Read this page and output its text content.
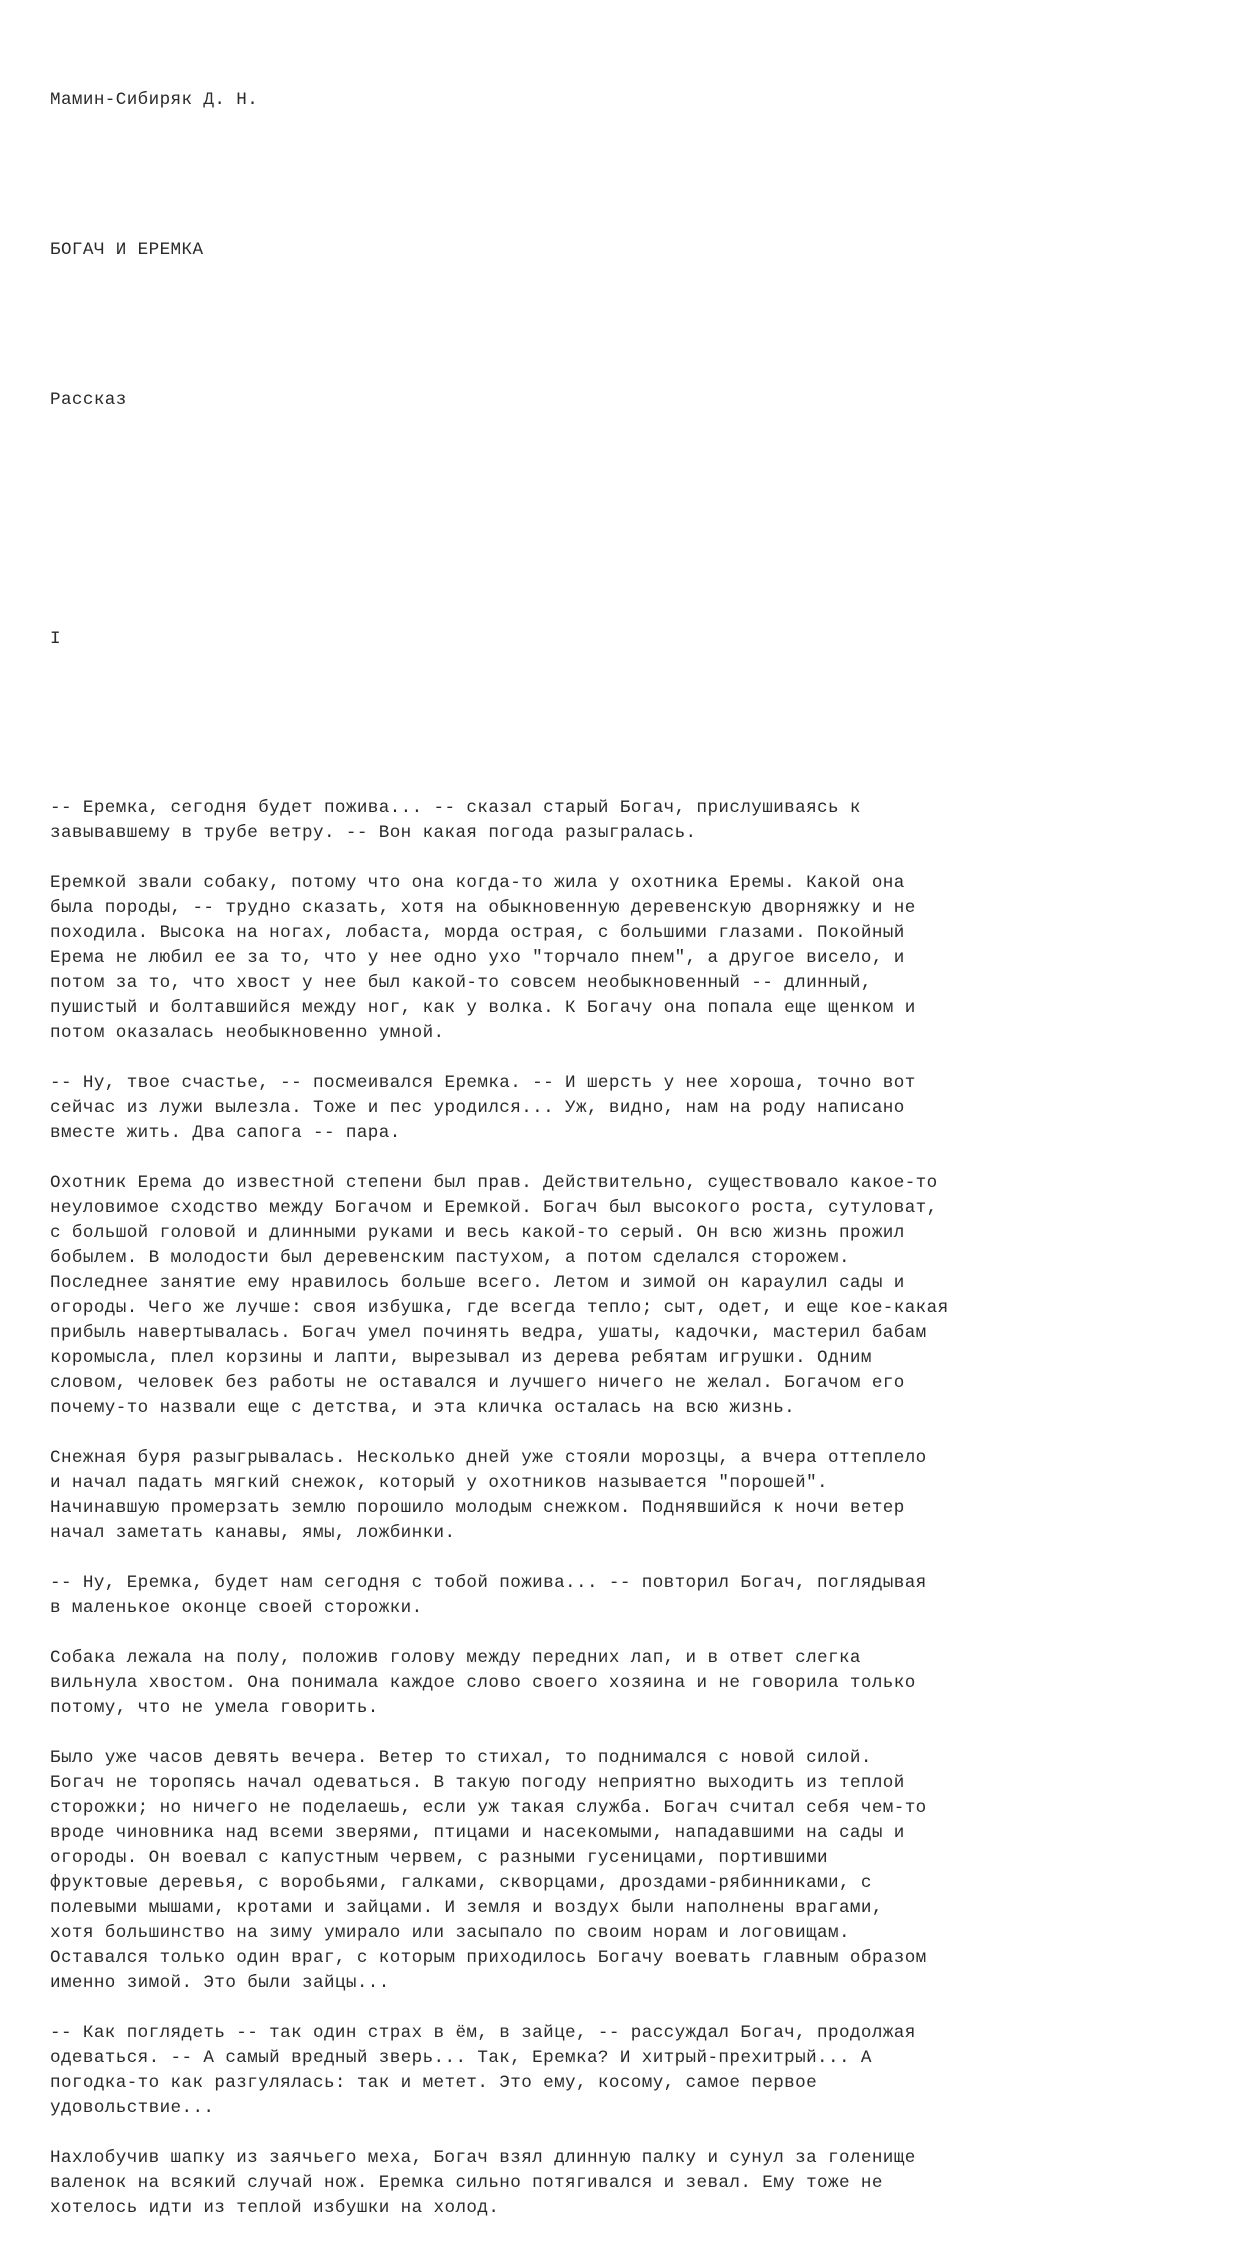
Мамин-Сибиряк Д. Н.

БОГАЧ И ЕРЕМКА

Рассказ

I

-- Еремка, сегодня будет пожива... -- сказал старый Богач, прислушиваясь к
завывавшему в трубе ветру. -- Вон какая погода разыгралась.
Еремкой звали собаку, потому что она когда-то жила у охотника Еремы. Какой она
была породы, -- трудно сказать, хотя на обыкновенную деревенскую дворняжку и не
походила. Высока на ногах, лобаста, морда острая, с большими глазами. Покойный
Ерема не любил ее за то, что у нее одно ухо "торчало пнем", а другое висело, и
потом за то, что хвост у нее был какой-то совсем необыкновенный -- длинный,
пушистый и болтавшийся между ног, как у волка. К Богачу она попала еще щенком и
потом оказалась необыкновенно умной.
-- Ну, твое счастье, -- посмеивался Еремка. -- И шерсть у нее хороша, точно вот
сейчас из лужи вылезла. Тоже и пес уродился... Уж, видно, нам на роду написано
вместе жить. Два сапога -- пара.
Охотник Ерема до известной степени был прав. Действительно, существовало какое-то
неуловимое сходство между Богачом и Еремкой. Богач был высокого роста, сутуловат,
с большой головой и длинными руками и весь какой-то серый. Он всю жизнь прожил
бобылем. В молодости был деревенским пастухом, а потом сделался сторожем.
Последнее занятие ему нравилось больше всего. Летом и зимой он караулил сады и
огороды. Чего же лучше: своя избушка, где всегда тепло; сыт, одет, и еще кое-какая
прибыль навертывалась. Богач умел починять ведра, ушаты, кадочки, мастерил бабам
коромысла, плел корзины и лапти, вырезывал из дерева ребятам игрушки. Одним
словом, человек без работы не оставался и лучшего ничего не желал. Богачом его
почему-то назвали еще с детства, и эта кличка осталась на всю жизнь.
Снежная буря разыгрывалась. Несколько дней уже стояли морозцы, а вчера оттеплело
и начал падать мягкий снежок, который у охотников называется "порошей".
Начинавшую промерзать землю порошило молодым снежком. Поднявшийся к ночи ветер
начал заметать канавы, ямы, ложбинки.
-- Ну, Еремка, будет нам сегодня с тобой пожива... -- повторил Богач, поглядывая
в маленькое оконце своей сторожки.
Собака лежала на полу, положив голову между передних лап, и в ответ слегка
вильнула хвостом. Она понимала каждое слово своего хозяина и не говорила только
потому, что не умела говорить.
Было уже часов девять вечера. Ветер то стихал, то поднимался с новой силой.
Богач не торопясь начал одеваться. В такую погоду неприятно выходить из теплой
сторожки; но ничего не поделаешь, если уж такая служба. Богач считал себя чем-то
вроде чиновника над всеми зверями, птицами и насекомыми, нападавшими на сады и
огороды. Он воевал с капустным червем, с разными гусеницами, портившими
фруктовые деревья, с воробьями, галками, скворцами, дроздами-рябинниками, с
полевыми мышами, кротами и зайцами. И земля и воздух были наполнены врагами,
хотя большинство на зиму умирало или засыпало по своим норам и логовищам.
Оставался только один враг, с которым приходилось Богачу воевать главным образом
именно зимой. Это были зайцы...
-- Как поглядеть -- так один страх в ём, в зайце, -- рассуждал Богач, продолжая
одеваться. -- А самый вредный зверь... Так, Еремка? И хитрый-прехитрый... А
погодка-то как разгулялась: так и метет. Это ему, косому, самое первое
удовольствие...
Нахлобучив шапку из заячьего меха, Богач взял длинную палку и сунул за голенище
валенок на всякий случай нож. Еремка сильно потягивался и зевал. Ему тоже не
хотелось идти из теплой избушки на холод.
